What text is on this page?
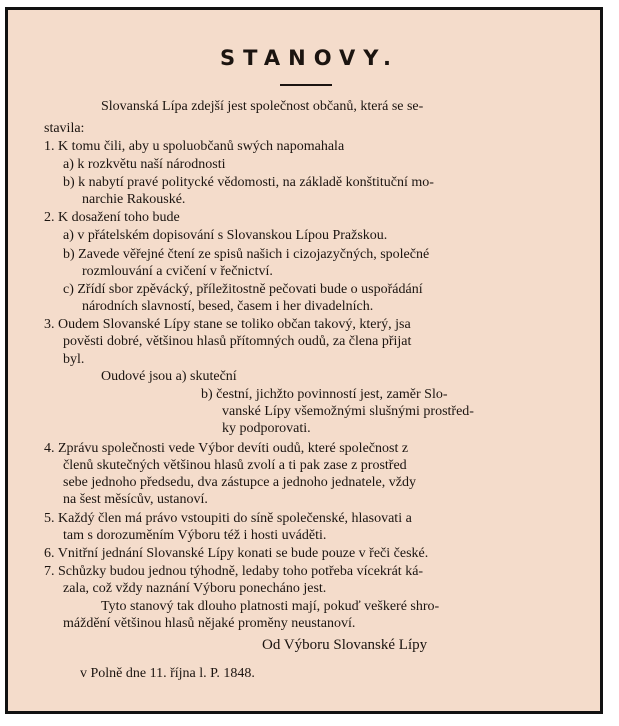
STANOVY.
Slovanská Lípa zdejší jest společnost občanů, která se se-
stavila:
1. K tomu čili, aby u spoluobčanů swých napomahala
a) k rozkvětu naší národnosti
b) k nabytí pravé politycké vědomosti, na základě konštituční mo-
narchie Rakouské.
2. K dosažení toho bude
a) v přátelském dopisování s Slovanskou Lípou Pražskou.
b) Zavede věřejné čtení ze spisů našich i cizojazyčných, společné
rozmlouvání a cvičení v řečnictví.
c) Zřídí sbor zpěvácký, příležitostně pečovati bude o uspořádání
národních slavností, besed, časem i her divadelních.
3. Oudem Slovanské Lípy stane se toliko občan takový, který, jsa
pověsti dobré, většinou hlasů přítomných oudů, za člena přijat
byl.
Oudové jsou a) skuteční
b) čestní, jichžto povinností jest, zaměr Slo-
vanské Lípy všemožnými slušnými prostřed-
ky podporovati.
4. Zprávu společnosti vede Výbor devíti oudů, které společnost z
členů skutečných většinou hlasů zvolí a ti pak zase z prostřed
sebe jednoho předsedu, dva zástupce a jednoho jednatele, vždy
na šest měsícův, ustanoví.
5. Každý člen má právo vstoupiti do síně společenské, hlasovati a
tam s dorozuměním Výboru též i hosti uváděti.
6. Vnitřní jednání Slovanské Lípy konati se bude pouze v řeči české.
7. Schůzky budou jednou týhodně, ledaby toho potřeba vícekrát ká-
zala, což vždy naznání Výboru ponecháno jest.
Tyto stanový tak dlouho platnosti mají, pokuď veškeré shro-
máždění většinou hlasů nějaké proměny neustanoví.
Od Výboru Slovanské Lípy
v Polně dne 11. října l. P. 1848.
